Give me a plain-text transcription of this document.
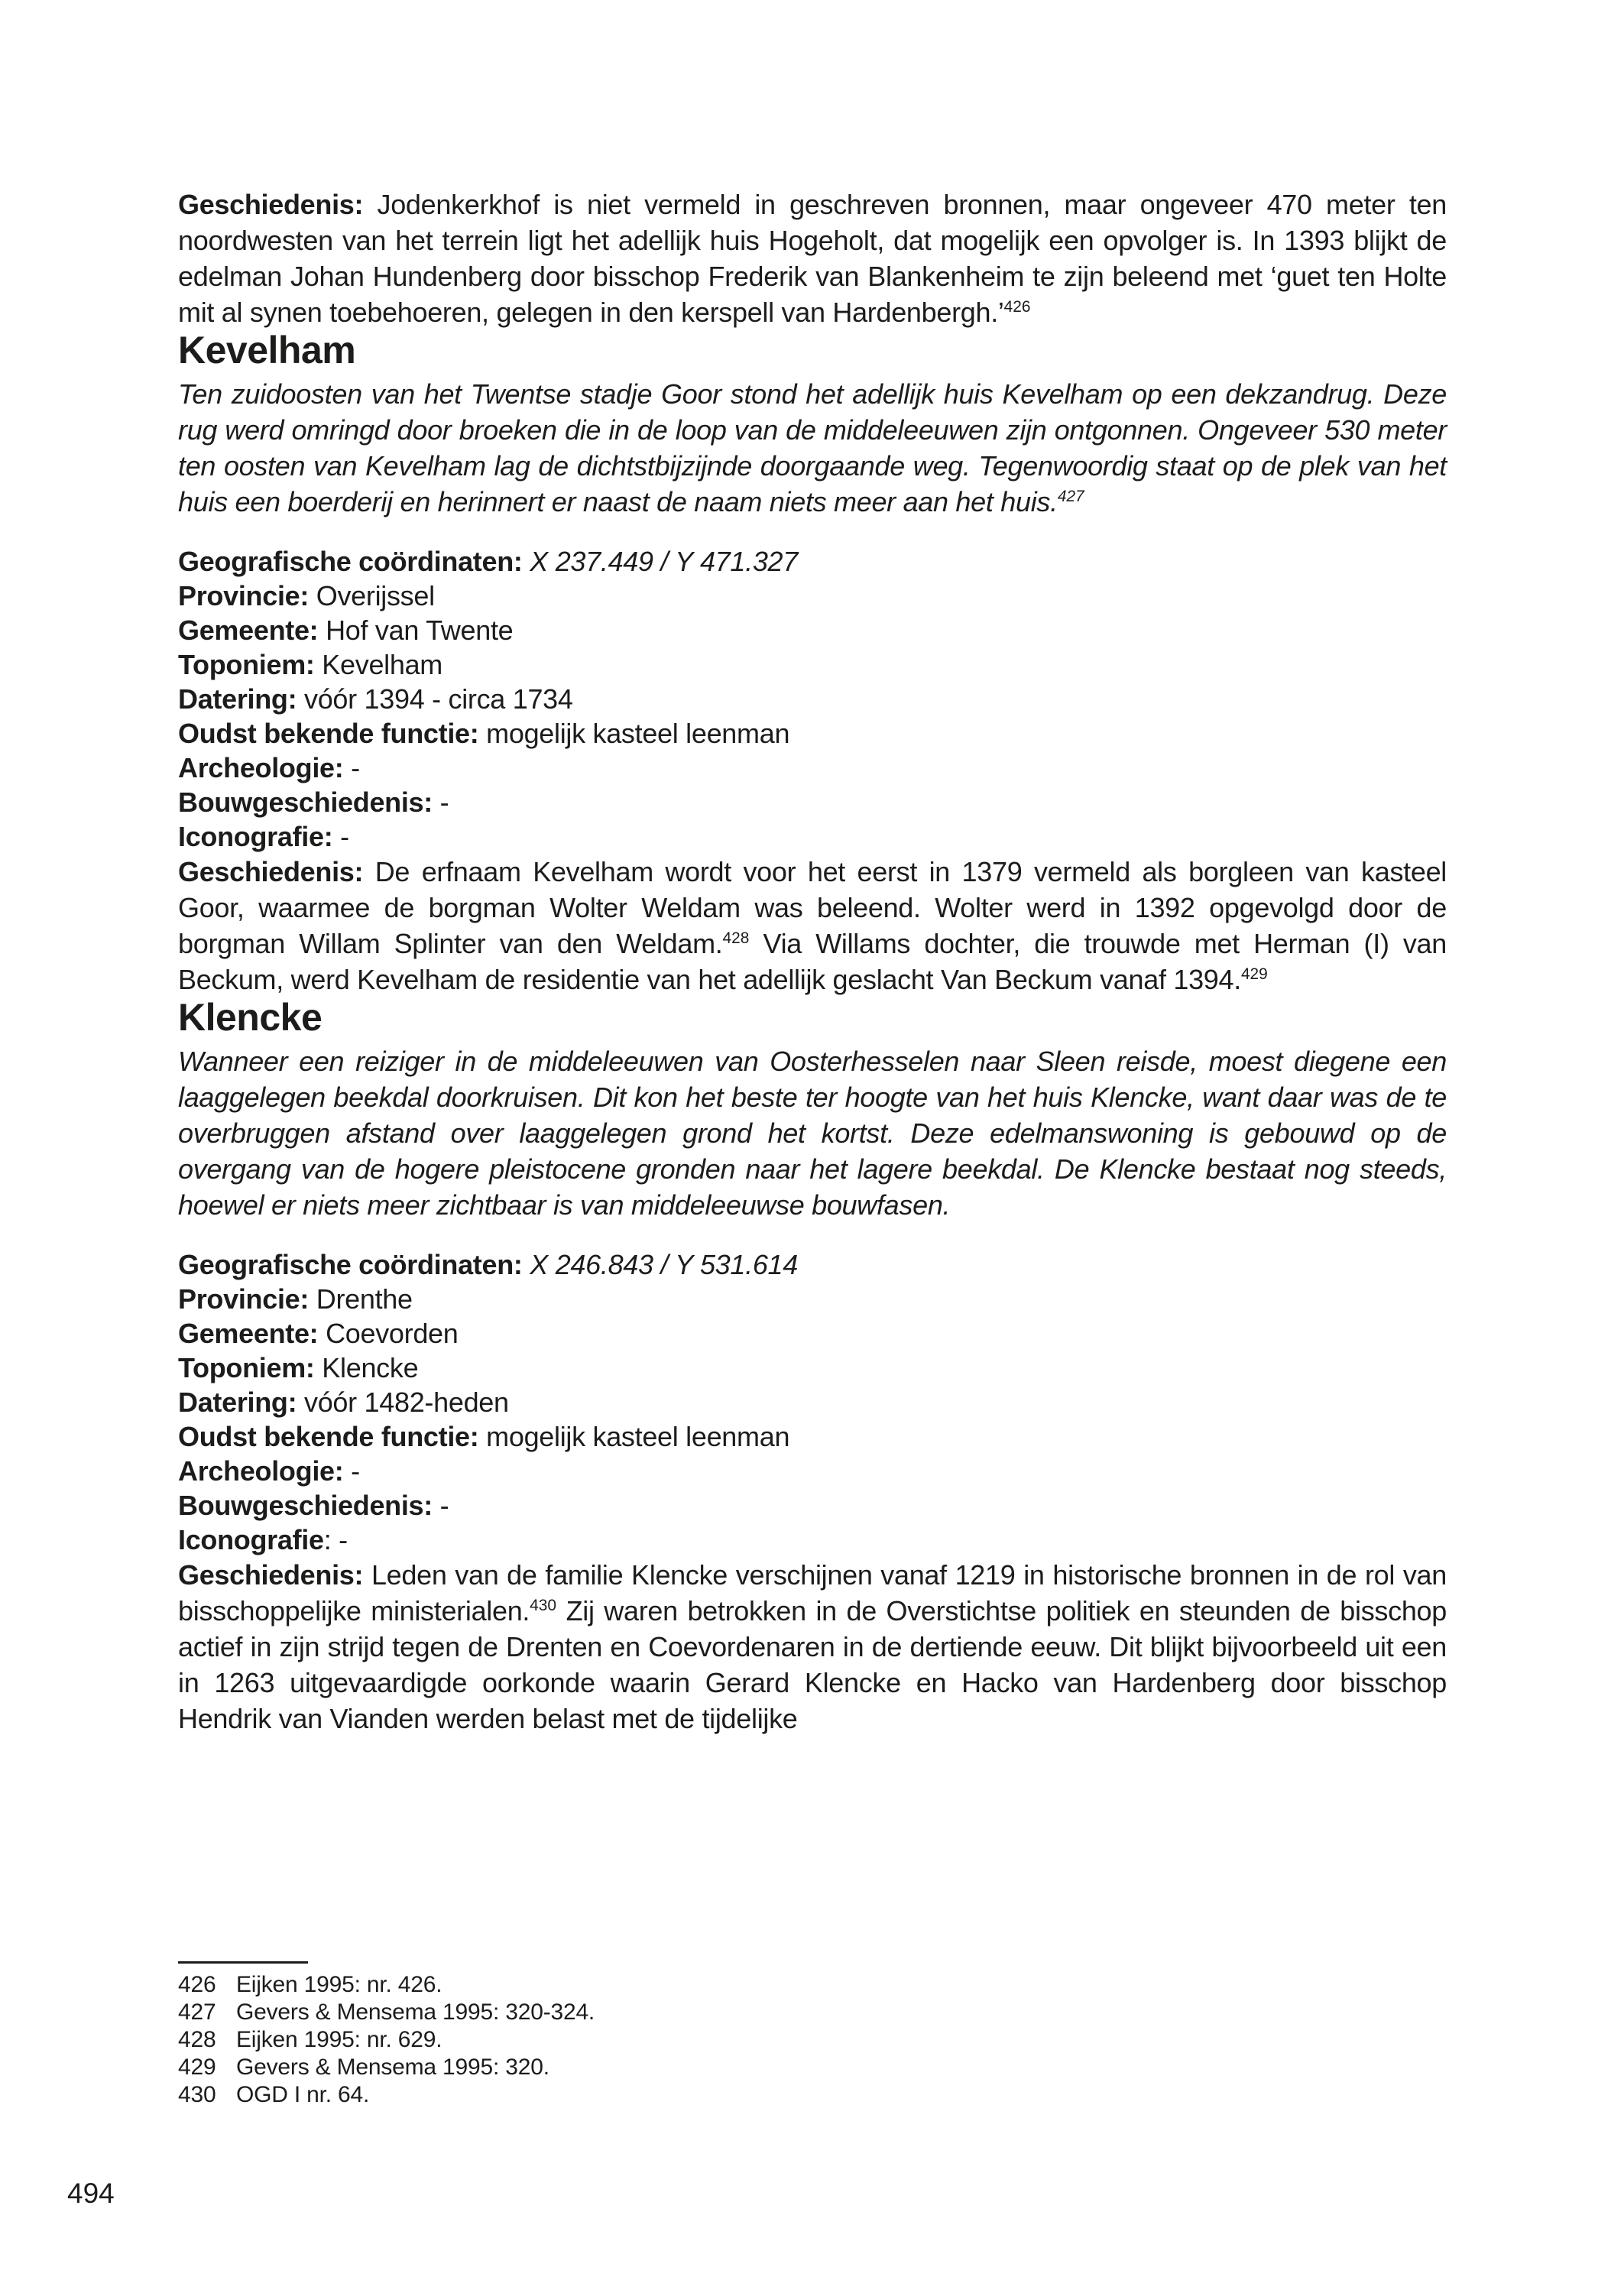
Geschiedenis: Jodenkerkhof is niet vermeld in geschreven bronnen, maar ongeveer 470 meter ten noordwesten van het terrein ligt het adellijk huis Hogeholt, dat mogelijk een opvolger is. In 1393 blijkt de edelman Johan Hundenberg door bisschop Frederik van Blankenheim te zijn beleend met ‘guet ten Holte mit al synen toebehoeren, gelegen in den kerspell van Hardenbergh.’$^{426}$

Kevelham

Ten zuidoosten van het Twentse stadje Goor stond het adellijk huis Kevelham op een dekzandrug. Deze rug werd omringd door broeken die in de loop van de middeleeuwen zijn ontgonnen. Ongeveer 530 meter ten oosten van Kevelham lag de dichtstbijzijnde doorgaande weg. Tegenwoordig staat op de plek van het huis een boerderij en herinnert er naast de naam niets meer aan het huis.$^{427}$

Geografische coördinaten: X 237.449 / Y 471.327
Provincie: Overijssel
Gemeente: Hof van Twente
Toponiem: Kevelham
Datering: vóór 1394 - circa 1734
Oudst bekende functie: mogelijk kasteel leenman
Archeologie: -
Bouwgeschiedenis: -
Iconografie: -

Geschiedenis: De erfnaam Kevelham wordt voor het eerst in 1379 vermeld als borgleen van kasteel Goor, waarmee de borgman Wolter Weldam was beleend. Wolter werd in 1392 opgevolgd door de borgman Willam Splinter van den Weldam.$^{428}$ Via Willams dochter, die trouwde met Herman (I) van Beckum, werd Kevelham de residentie van het adellijk geslacht Van Beckum vanaf 1394.$^{429}$

Klencke

Wanneer een reiziger in de middeleeuwen van Oosterhesselen naar Sleen reisde, moest diegene een laaggelegen beekdal doorkruisen. Dit kon het beste ter hoogte van het huis Klencke, want daar was de te overbruggen afstand over laaggelegen grond het kortst. Deze edelmanswoning is gebouwd op de overgang van de hogere pleistocene gronden naar het lagere beekdal. De Klencke bestaat nog steeds, hoewel er niets meer zichtbaar is van middeleeuwse bouwfasen.

Geografische coördinaten: X 246.843 / Y 531.614
Provincie: Drenthe
Gemeente: Coevorden
Toponiem: Klencke
Datering: vóór 1482-heden
Oudst bekende functie: mogelijk kasteel leenman
Archeologie: -
Bouwgeschiedenis: -
Iconografie: -

Geschiedenis: Leden van de familie Klencke verschijnen vanaf 1219 in historische bronnen in de rol van bisschoppelijke ministerialen.$^{430}$ Zij waren betrokken in de Overstichtse politiek en steunden de bisschop actief in zijn strijd tegen de Drenten en Coevordenaren in de dertiende eeuw. Dit blijkt bijvoorbeeld uit een in 1263 uitgevaardigde oorkonde waarin Gerard Klencke en Hacko van Hardenberg door bisschop Hendrik van Vianden werden belast met de tijdelijke

426 Eijken 1995: nr. 426.
427 Gevers & Mensema 1995: 320-324.
428 Eijken 1995: nr. 629.
429 Gevers & Mensema 1995: 320.
430 OGD I nr. 64.
494
